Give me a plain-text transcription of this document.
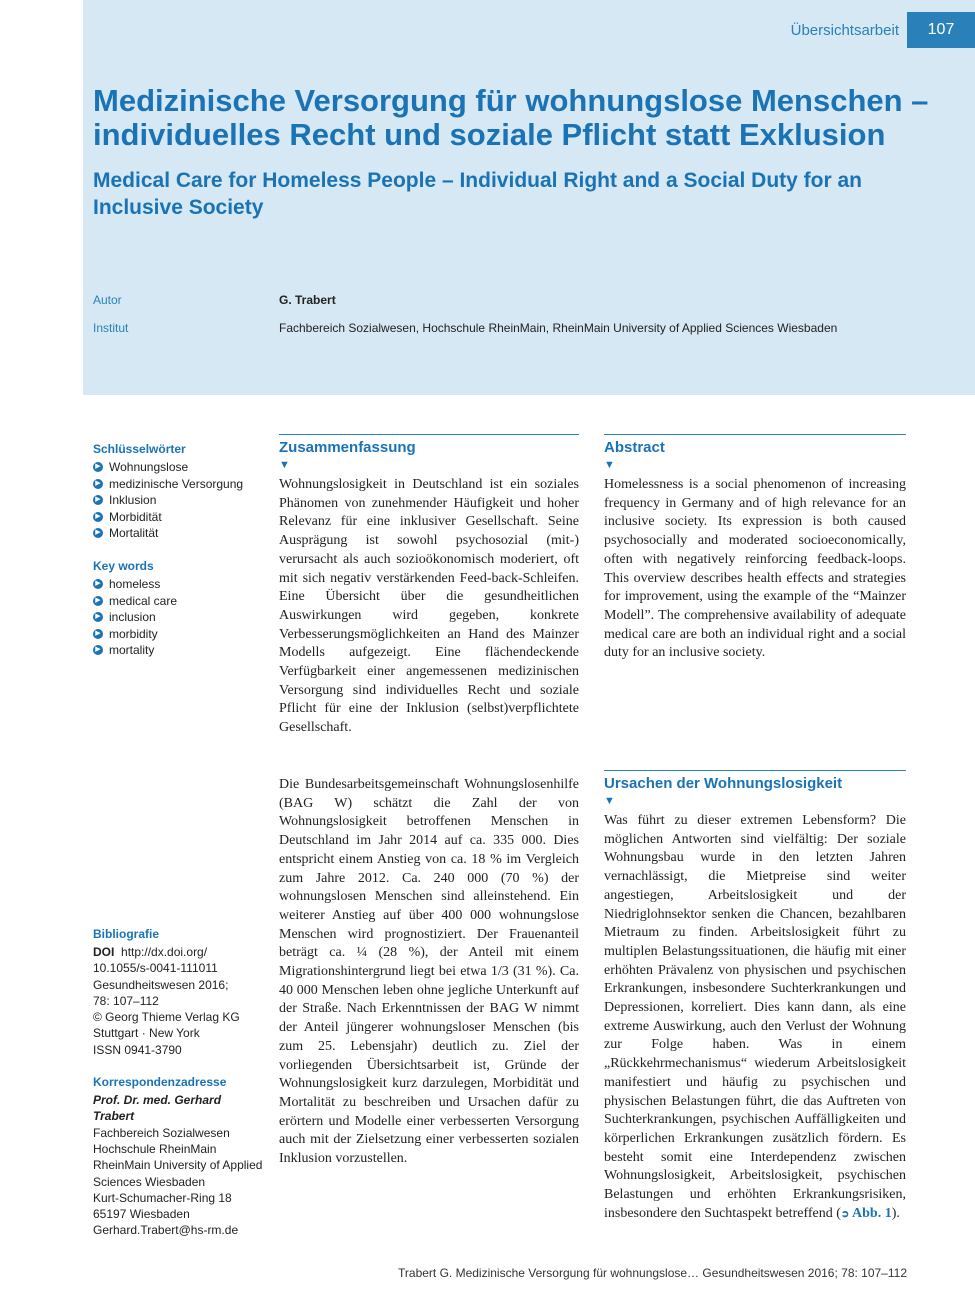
Übersichtsarbeit	107
Medizinische Versorgung für wohnungslose Menschen – individuelles Recht und soziale Pflicht statt Exklusion
Medical Care for Homeless People – Individual Right and a Social Duty for an Inclusive Society
Autor	G. Trabert
Institut	Fachbereich Sozialwesen, Hochschule RheinMain, RheinMain University of Applied Sciences Wiesbaden
Schlüsselwörter
▶ Wohnungslose
▶ medizinische Versorgung
▶ Inklusion
▶ Morbidität
▶ Mortalität
Key words
▶ homeless
▶ medical care
▶ inclusion
▶ morbidity
▶ mortality
Bibliografie

DOI http://dx.doi.org/

10.1055/s-0041-111011

Gesundheitswesen 2016;

78: 107–112

© Georg Thieme Verlag KG

Stuttgart · New York

ISSN 0941-3790

Korrespondenzadresse

Prof. Dr. med. Gerhard

Trabert

Fachbereich Sozialwesen

Hochschule RheinMain

RheinMain University of Applied

Sciences Wiesbaden

Kurt-Schumacher-Ring 18

65197 Wiesbaden

Gerhard.Trabert@hs-rm.de

Zusammenfassung
▼

Wohnungslosigkeit in Deutschland ist ein soziales Phänomen von zunehmender Häufigkeit und hoher Relevanz für eine inklusiver Gesellschaft. Seine Ausprägung ist sowohl psychosozial (mit-) verursacht als auch sozioökonomisch moderiert, oft mit sich negativ verstärkenden Feed-back-Schleifen. Eine Übersicht über die gesundheitlichen Auswirkungen wird gegeben, konkrete Verbesserungsmöglichkeiten an Hand des Mainzer Modells aufgezeigt. Eine flächendeckende Verfügbarkeit einer angemessenen medizinischen Versorgung sind individuelles Recht und soziale Pflicht für eine der Inklusion (selbst)verpflichtete Gesellschaft.

Abstract
▼

Homelessness is a social phenomenon of increasing frequency in Germany and of high relevance for an inclusive society. Its expression is both caused psychosocially and moderated socioeconomically, often with negatively reinforcing feedback-loops. This overview describes health effects and strategies for improvement, using the example of the “Mainzer Modell”. The comprehensive availability of adequate medical care are both an individual right and a social duty for an inclusive society.

Die Bundesarbeitsgemeinschaft Wohnungslosenhilfe (BAG W) schätzt die Zahl der von Wohnungslosigkeit betroffenen Menschen in Deutschland im Jahr 2014 auf ca. 335 000. Dies entspricht einem Anstieg von ca. 18 % im Vergleich zum Jahre 2012. Ca. 240 000 (70 %) der wohnungslosen Menschen sind alleinstehend. Ein weiterer Anstieg auf über 400 000 wohnungslose Menschen wird prognostiziert. Der Frauenanteil beträgt ca. ¼ (28 %), der Anteil mit einem Migrationshintergrund liegt bei etwa 1/3 (31 %). Ca. 40 000 Menschen leben ohne jegliche Unterkunft auf der Straße. Nach Erkenntnissen der BAG W nimmt der Anteil jüngerer wohnungsloser Menschen (bis zum 25. Lebensjahr) deutlich zu. Ziel der vorliegenden Übersichtsarbeit ist, Gründe der Wohnungslosigkeit kurz darzulegen, Morbidität und Mortalität zu beschreiben und Ursachen dafür zu erörtern und Modelle einer verbesserten Versorgung auch mit der Zielsetzung einer verbesserten sozialen Inklusion vorzustellen.

Ursachen der Wohnungslosigkeit
▼

Was führt zu dieser extremen Lebensform? Die möglichen Antworten sind vielfältig: Der soziale Wohnungsbau wurde in den letzten Jahren vernachlässigt, die Mietpreise sind weiter angestiegen, Arbeitslosigkeit und der Niedriglohnsektor senken die Chancen, bezahlbaren Mietraum zu finden. Arbeitslosigkeit führt zu multiplen Belastungssituationen, die häufig mit einer erhöhten Prävalenz von physischen und psychischen Erkrankungen, insbesondere Suchterkrankungen und Depressionen, korreliert. Dies kann dann, als eine extreme Auswirkung, auch den Verlust der Wohnung zur Folge haben. Was in einem „Rückkehrmechanismus“ wiederum Arbeitslosigkeit manifestiert und häufig zu psychischen und physischen Belastungen führt, die das Auftreten von Suchterkrankungen, psychischen Auffälligkeiten und körperlichen Erkrankungen zusätzlich fördern. Es besteht somit eine Interdependenz zwischen Wohnungslosigkeit, Arbeitslosigkeit, psychischen Belastungen und erhöhten Erkrankungsrisiken, insbesondere den Suchtaspekt betreffend (➲ Abb. 1).

Trabert G. Medizinische Versorgung für wohnungslose… Gesundheitswesen 2016; 78: 107–112
